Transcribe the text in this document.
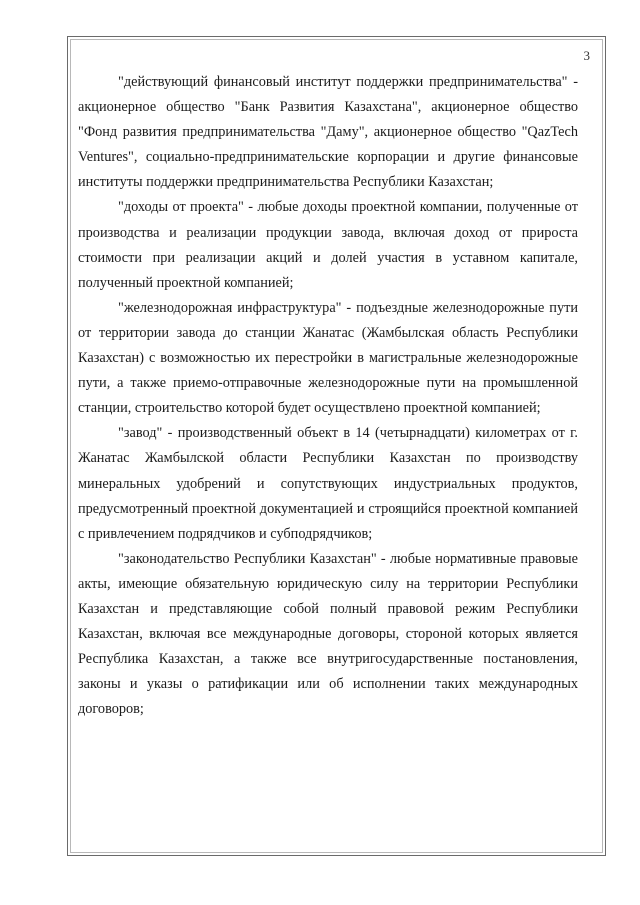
3

"действующий финансовый институт поддержки предпринимательства" - акционерное общество "Банк Развития Казахстана", акционерное общество "Фонд развития предпринимательства "Даму", акционерное общество "QazTech Ventures", социально-предпринимательские корпорации и другие финансовые институты поддержки предпринимательства Республики Казахстан;

"доходы от проекта" - любые доходы проектной компании, полученные от производства и реализации продукции завода, включая доход от прироста стоимости при реализации акций и долей участия в уставном капитале, полученный проектной компанией;

"железнодорожная инфраструктура" - подъездные железнодорожные пути от территории завода до станции Жанатас (Жамбылская область Республики Казахстан) с возможностью их перестройки в магистральные железнодорожные пути, а также приемо-отправочные железнодорожные пути на промышленной станции, строительство которой будет осуществлено проектной компанией;

"завод" - производственный объект в 14 (четырнадцати) километрах от г. Жанатас Жамбылской области Республики Казахстан по производству минеральных удобрений и сопутствующих индустриальных продуктов, предусмотренный проектной документацией и строящийся проектной компанией с привлечением подрядчиков и субподрядчиков;

"законодательство Республики Казахстан" - любые нормативные правовые акты, имеющие обязательную юридическую силу на территории Республики Казахстан и представляющие собой полный правовой режим Республики Казахстан, включая все международные договоры, стороной которых является Республика Казахстан, а также все внутригосударственные постановления, законы и указы о ратификации или об исполнении таких международных договоров;
